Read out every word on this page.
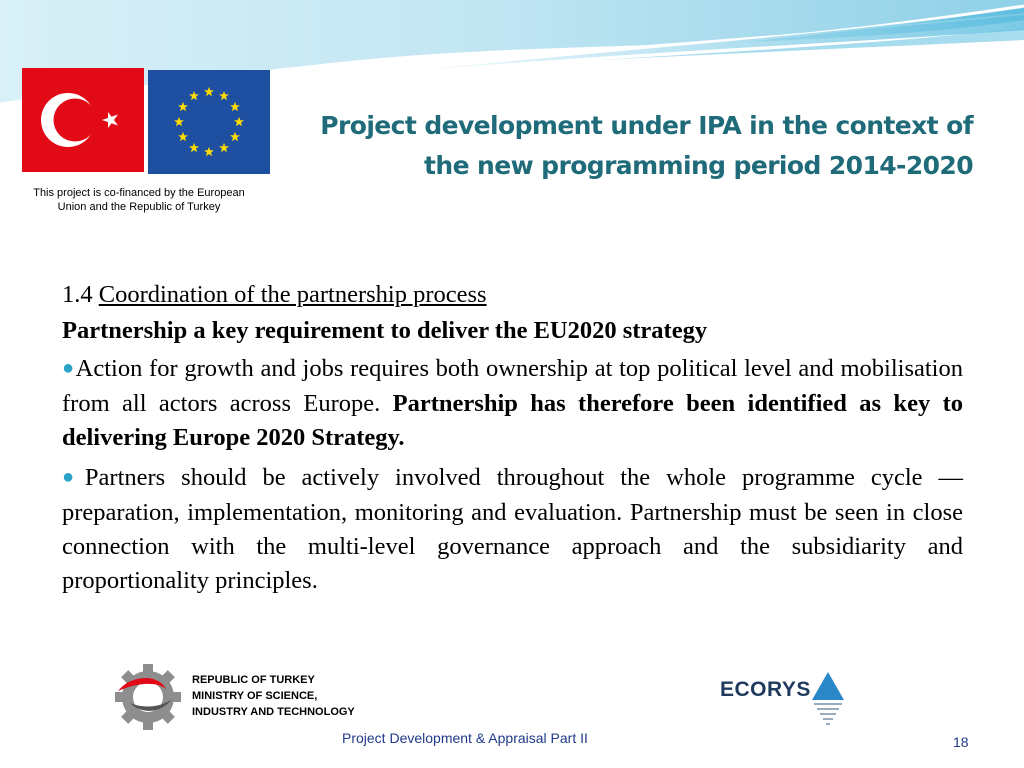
This project is co-financed by the European
Union and the Republic of Turkey
Project development under IPA in the context of
the new programming period 2014-2020

1.4 Coordination of the partnership process

Partnership a key requirement to deliver the EU2020 strategy

●Action for growth and jobs requires both ownership at top political level and mobilisation from all actors across Europe. Partnership has therefore been identified as key to delivering Europe 2020 Strategy.

●Partners should be actively involved throughout the whole programme cycle — preparation, implementation, monitoring and evaluation. Partnership must be seen in close connection with the multi-level governance approach and the subsidiarity and proportionality principles.

REPUBLIC OF TURKEY
MINISTRY OF SCIENCE,
INDUSTRY AND TECHNOLOGY
ECORYS
Project Development & Appraisal Part II	18
